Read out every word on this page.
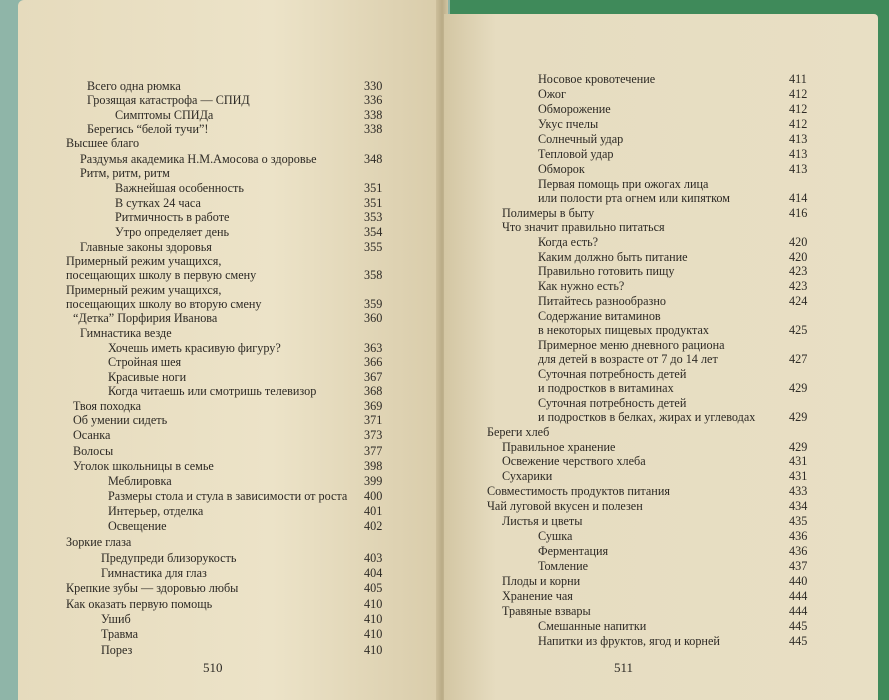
Всего одна рюмка	330
Грозящая катастрофа — СПИД	336
Симптомы СПИДа	338
Берегись “белой тучи”!	338
Высшее благо
Раздумья академика Н.М.Амосова о здоровье	348
Ритм, ритм, ритм
Важнейшая особенность	351
В сутках 24 часа	351
Ритмичность в работе	353
Утро определяет день	354
Главные законы здоровья	355
Примерный режим учащихся,
посещающих школу в первую смену	358
Примерный режим учащихся,
посещающих школу во вторую смену	359
“Детка” Порфирия Иванова	360
Гимнастика везде
Хочешь иметь красивую фигуру?	363
Стройная шея	366
Красивые ноги	367
Когда читаешь или смотришь телевизор	368
Твоя походка	369
Об умении сидеть	371
Осанка	373
Волосы	377
Уголок школьницы в семье	398
Меблировка	399
Размеры стола и стула в зависимости от роста 400
Интерьер, отделка	401
Освещение	402
Зоркие глаза
Предупреди близорукость	403
Гимнастика для глаз	404
Крепкие зубы — здоровью любы	405
Как оказать первую помощь	410
Ушиб	410
Травма	410
Порез	410
510
Носовое кровотечение	411
Ожог	412
Обморожение	412
Укус пчелы	412
Солнечный удар	413
Тепловой удар	413
Обморок	413
Первая помощь при ожогах лица
или полости рта огнем или кипятком	414
Полимеры в быту	416
Что значит правильно питаться
Когда есть?	420
Каким должно быть питание	420
Правильно готовить пищу	423
Как нужно есть?	423
Питайтесь разнообразно	424
Содержание витаминов
в некоторых пищевых продуктах	425
Примерное меню дневного рациона
для детей в возрасте от 7 до 14 лет	427
Суточная потребность детей
и подростков в витаминах	429
Суточная потребность детей
и подростков в белках, жирах и углеводах	429
Береги хлеб
Правильное хранение	429
Освежение черствого хлеба	431
Сухарики	431
Совместимость продуктов питания	433
Чай луговой вкусен и полезен	434
Листья и цветы	435
Сушка	436
Ферментация	436
Томление	437
Плоды и корни	440
Хранение чая	444
Травяные взвары	444
Смешанные напитки	445
Напитки из фруктов, ягод и корней	445
511
